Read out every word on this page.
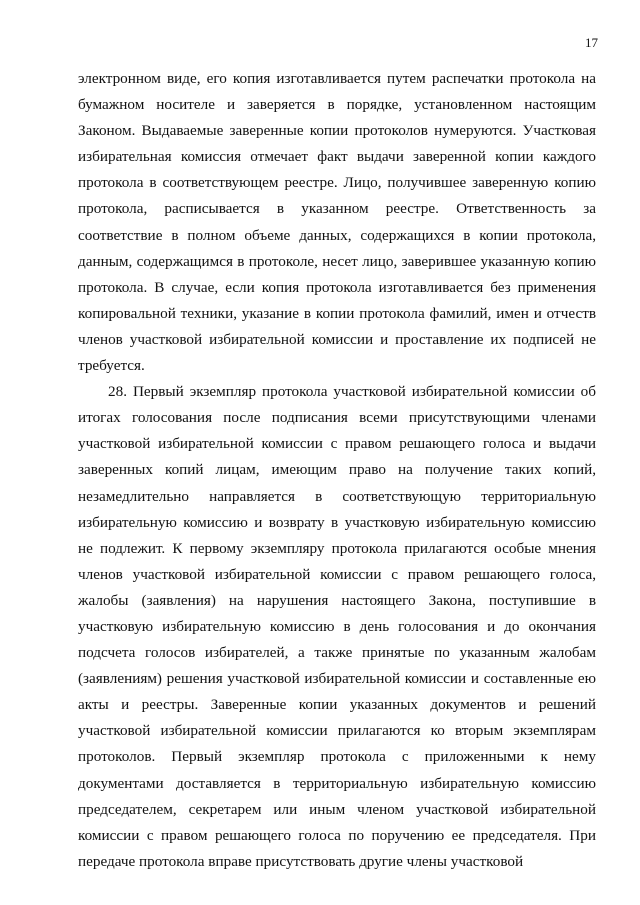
17

электронном виде, его копия изготавливается путем распечатки протокола на бумажном носителе и заверяется в порядке, установленном настоящим Законом. Выдаваемые заверенные копии протоколов нумеруются. Участковая избирательная комиссия отмечает факт выдачи заверенной копии каждого протокола в соответствующем реестре. Лицо, получившее заверенную копию протокола, расписывается в указанном реестре. Ответственность за соответствие в полном объеме данных, содержащихся в копии протокола, данным, содержащимся в протоколе, несет лицо, заверившее указанную копию протокола. В случае, если копия протокола изготавливается без применения копировальной техники, указание в копии протокола фамилий, имен и отчеств членов участковой избирательной комиссии и проставление их подписей не требуется.

28. Первый экземпляр протокола участковой избирательной комиссии об итогах голосования после подписания всеми присутствующими членами участковой избирательной комиссии с правом решающего голоса и выдачи заверенных копий лицам, имеющим право на получение таких копий, незамедлительно направляется в соответствующую территориальную избирательную комиссию и возврату в участковую избирательную комиссию не подлежит. К первому экземпляру протокола прилагаются особые мнения членов участковой избирательной комиссии с правом решающего голоса, жалобы (заявления) на нарушения настоящего Закона, поступившие в участковую избирательную комиссию в день голосования и до окончания подсчета голосов избирателей, а также принятые по указанным жалобам (заявлениям) решения участковой избирательной комиссии и составленные ею акты и реестры. Заверенные копии указанных документов и решений участковой избирательной комиссии прилагаются ко вторым экземплярам протоколов. Первый экземпляр протокола с приложенными к нему документами доставляется в территориальную избирательную комиссию председателем, секретарем или иным членом участковой избирательной комиссии с правом решающего голоса по поручению ее председателя. При передаче протокола вправе присутствовать другие члены участковой
